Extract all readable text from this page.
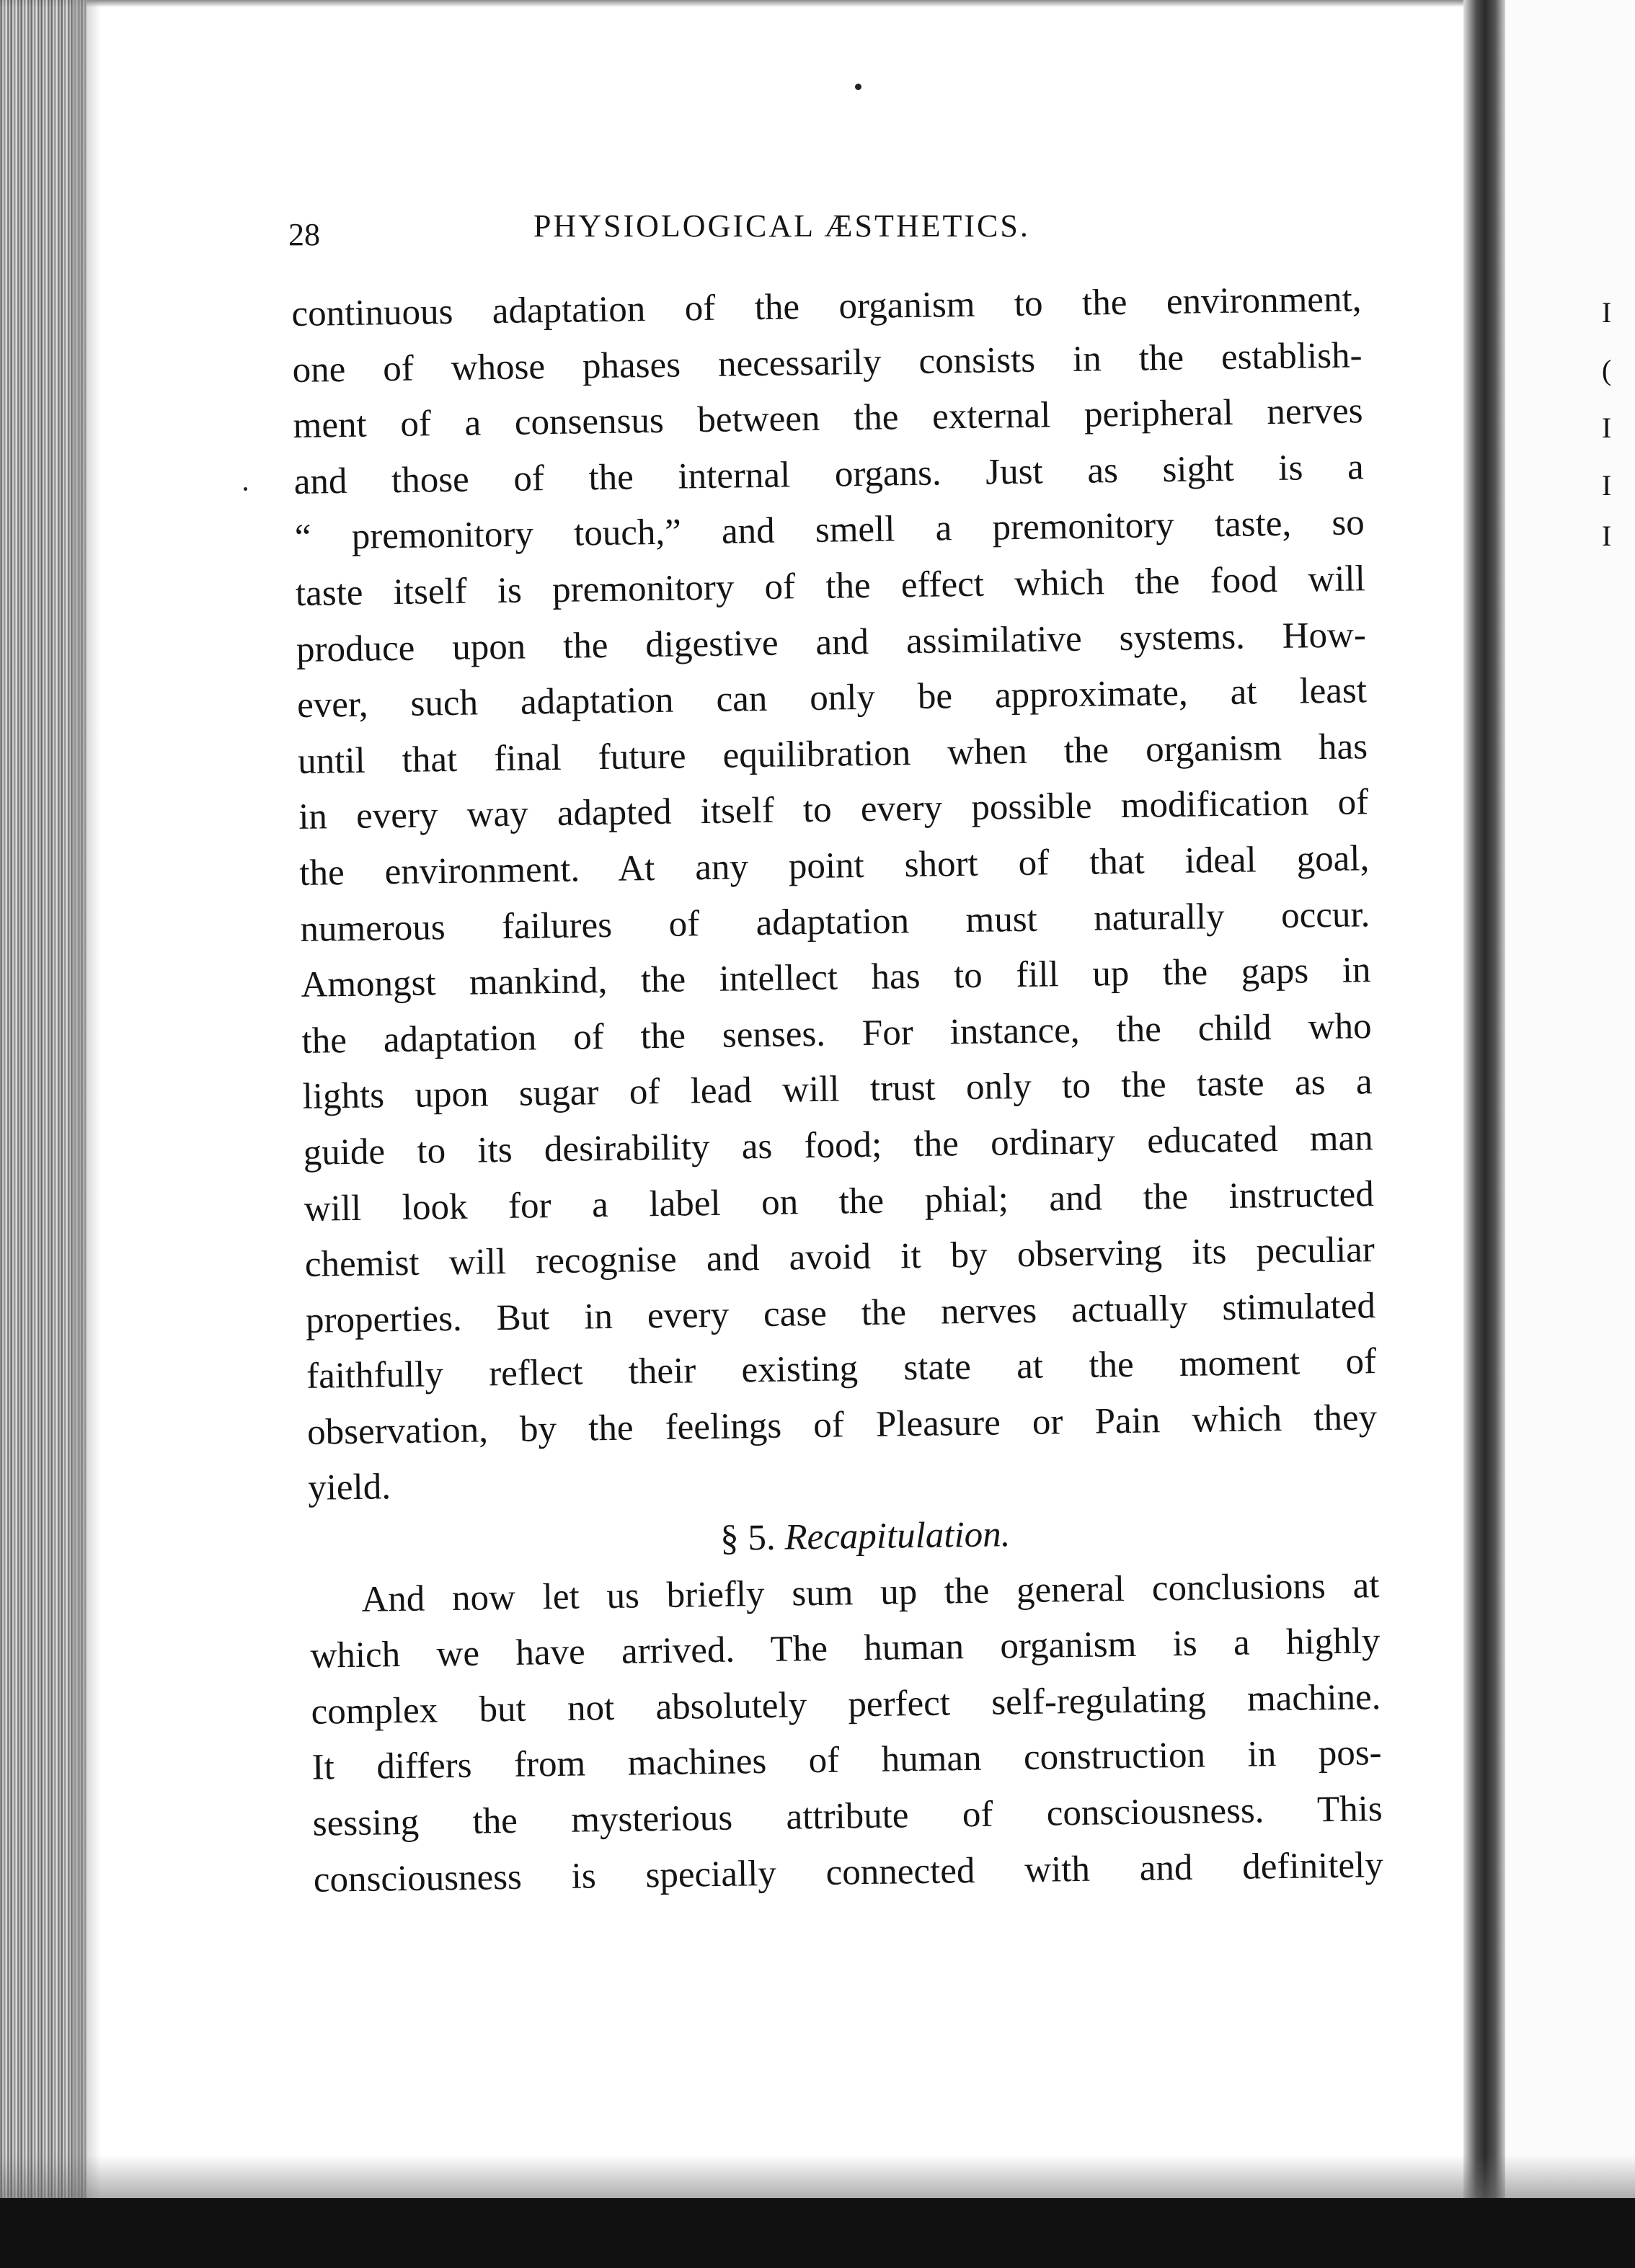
I
(
I
I
I
28	PHYSIOLOGICAL ÆSTHETICS.
continuous adaptation of the organism to the environment,
one of whose phases necessarily consists in the establish-
ment of a consensus between the external peripheral nerves
and those of the internal organs. Just as sight is a
“ premonitory touch,” and smell a premonitory taste, so
taste itself is premonitory of the effect which the food will
produce upon the digestive and assimilative systems. How-
ever, such adaptation can only be approximate, at least
until that final future equilibration when the organism has
in every way adapted itself to every possible modification of
the environment. At any point short of that ideal goal,
numerous failures of adaptation must naturally occur.
Amongst mankind, the intellect has to fill up the gaps in
the adaptation of the senses. For instance, the child who
lights upon sugar of lead will trust only to the taste as a
guide to its desirability as food; the ordinary educated man
will look for a label on the phial; and the instructed
chemist will recognise and avoid it by observing its peculiar
properties. But in every case the nerves actually stimulated
faithfully reflect their existing state at the moment of
observation, by the feelings of Pleasure or Pain which they
yield.
§ 5. Recapitulation.
And now let us briefly sum up the general conclusions at
which we have arrived. The human organism is a highly
complex but not absolutely perfect self-regulating machine.
It differs from machines of human construction in pos-
sessing the mysterious attribute of consciousness. This
consciousness is specially connected with and definitely
